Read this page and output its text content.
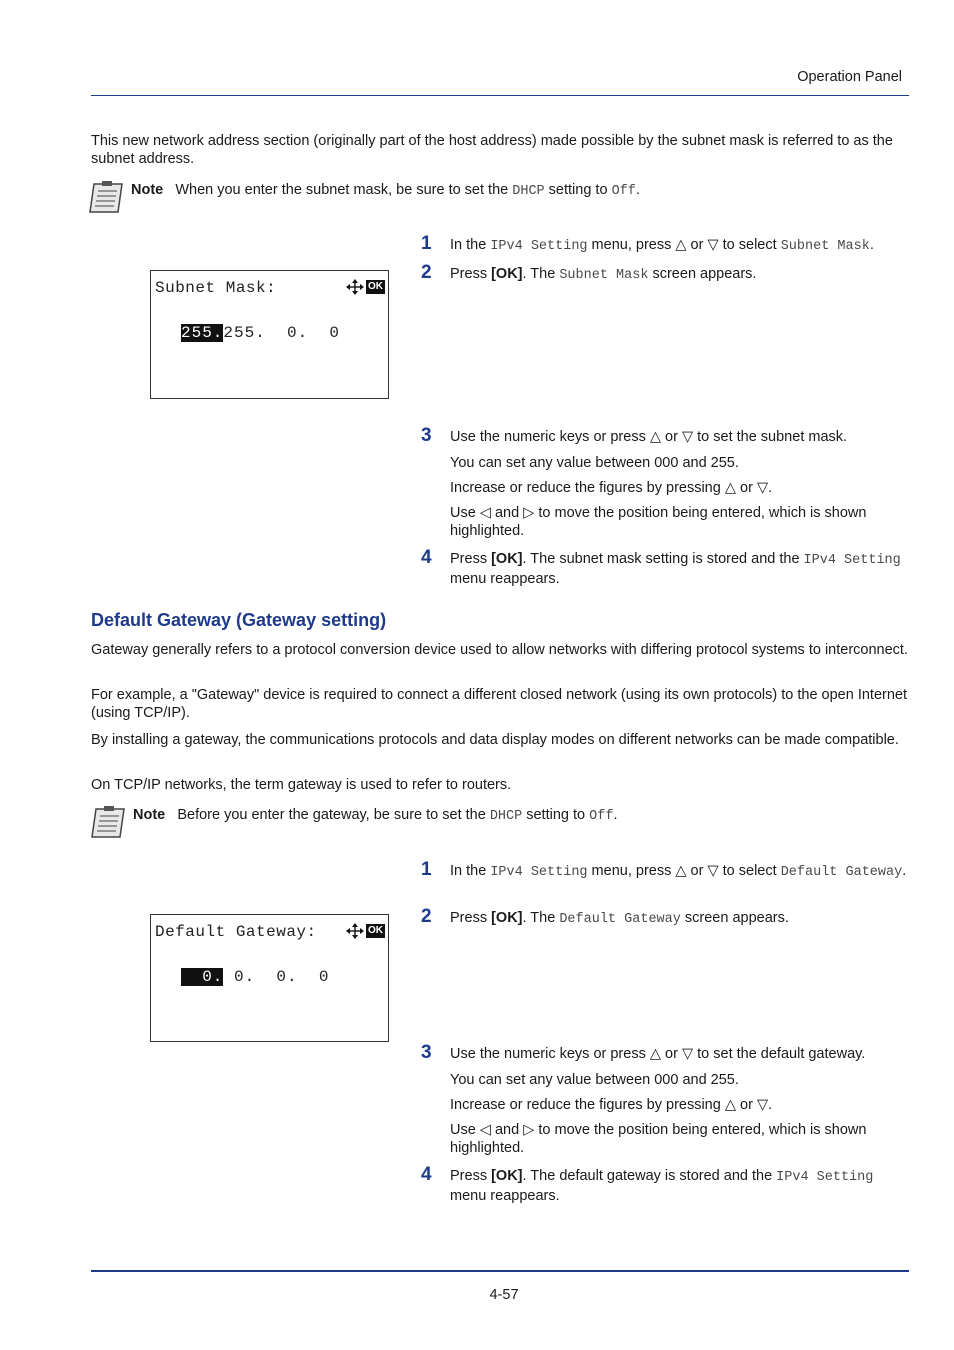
Operation Panel
This new network address section (originally part of the host address) made possible by the subnet mask is referred to as the subnet address.
Note When you enter the subnet mask, be sure to set the DHCP setting to Off.
Subnet Mask:	OK
255.255.  0.  0
1	In the IPv4 Setting menu, press △ or ▽ to select Subnet Mask.
2	Press [OK]. The Subnet Mask screen appears.
3	Use the numeric keys or press △ or ▽ to set the subnet mask.
You can set any value between 000 and 255.
Increase or reduce the figures by pressing △ or ▽.
Use ◁ and ▷ to move the position being entered, which is shown highlighted.
4	Press [OK]. The subnet mask setting is stored and the IPv4 Setting menu reappears.
Default Gateway (Gateway setting)
Gateway generally refers to a protocol conversion device used to allow networks with differing protocol systems to interconnect.
For example, a "Gateway" device is required to connect a different closed network (using its own protocols) to the open Internet (using TCP/IP).
By installing a gateway, the communications protocols and data display modes on different networks can be made compatible.
On TCP/IP networks, the term gateway is used to refer to routers.
Note Before you enter the gateway, be sure to set the DHCP setting to Off.
Default Gateway:	OK
0. 0.  0.  0
1	In the IPv4 Setting menu, press △ or ▽ to select Default Gateway.
2	Press [OK]. The Default Gateway screen appears.
3	Use the numeric keys or press △ or ▽ to set the default gateway.
You can set any value between 000 and 255.
Increase or reduce the figures by pressing △ or ▽.
Use ◁ and ▷ to move the position being entered, which is shown highlighted.
4	Press [OK]. The default gateway is stored and the IPv4 Setting menu reappears.
4-57
